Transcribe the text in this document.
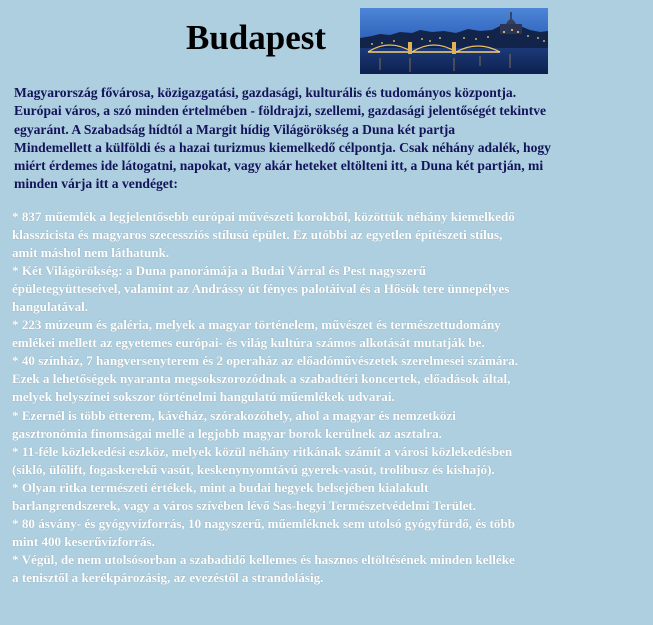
Budapest

Magyarország fővárosa, közigazgatási, gazdasági, kulturális és tudományos központja.
Európai város, a szó minden értelmében - földrajzi, szellemi, gazdasági jelentőségét tekintve
egyaránt. A Szabadság hídtól a Margit hídig Világörökség a Duna két partja
Mindemellett a külföldi és a hazai turizmus kiemelkedő célpontja. Csak néhány adalék, hogy
miért érdemes ide látogatni, napokat, vagy akár heteket eltölteni itt, a Duna két partján, mi
minden várja itt a vendéget:

* 837 műemlék a legjelentősebb európai művészeti korokból, közöttük néhány kiemelkedő
klasszicista és magyaros szecessziós stílusú épület. Ez utóbbi az egyetlen építészeti stílus,
amit máshol nem láthatunk.
* Két Világörökség: a Duna panorámája a Budai Várral és Pest nagyszerű
épületegyütteseivel, valamint az Andrássy út fényes palotáival és a Hősök tere ünnepélyes
hangulatával.
* 223 múzeum és galéria, melyek a magyar történelem, művészet és természettudomány
emlékei mellett az egyetemes európai- és világ kultúra számos alkotását mutatják be.
* 40 színház, 7 hangversenyterem és 2 operaház az előadóművészetek szerelmesei számára.
Ezek a lehetőségek nyaranta megsokszorozódnak a szabadtéri koncertek, előadások által,
melyek helyszínei sokszor történelmi hangulatú műemlékek udvarai.
* Ezernél is több étterem, kávéház, szórakozóhely, ahol a magyar és nemzetközi
gasztronómia finomságai mellé a legjobb magyar borok kerülnek az asztalra.
* 11-féle közlekedési eszköz, melyek közül néhány ritkának számít a városi közlekedésben
(sikló, ülőlift, fogaskerekű vasút, keskenynyomtávú gyerek-vasút, trolibusz és kishajó).
* Olyan ritka természeti értékek, mint a budai hegyek belsejében kialakult
barlangrendszerek, vagy a város szívében lévő Sas-hegyi Természetvédelmi Terület.
* 80 ásvány- és gyógyvízforrás, 10 nagyszerű, műemléknek sem utolsó gyógyfürdő, és több
mint 400 keserűvízforrás.
* Végül, de nem utolsósorban a szabadidő kellemes és hasznos eltöltésének minden kelléke
a tenisztől a kerékpározásig, az evezéstől a strandolásig.
